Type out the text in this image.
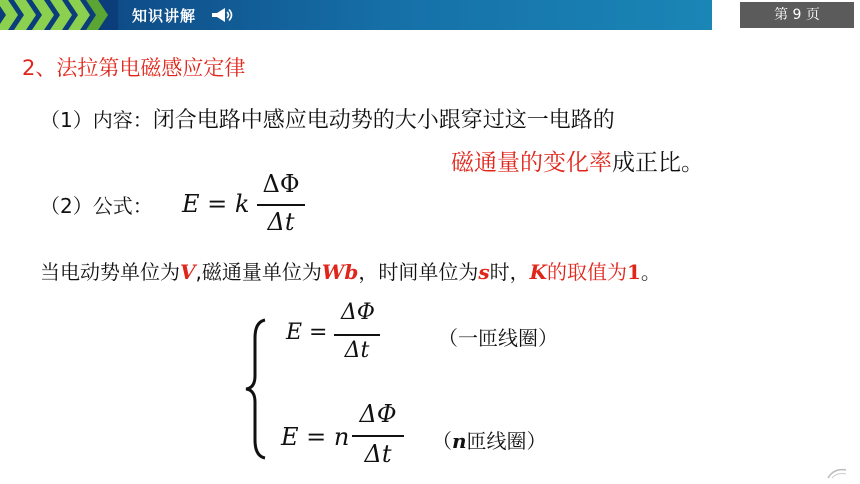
知识讲解	第 9 页
2、法拉第电磁感应定律
（1）内容：闭合电路中感应电动势的大小跟穿过这一电路的
磁通量的变化率成正比。
（2）公式： E = k
ΔΦ
Δt
当电动势单位为V,磁通量单位为Wb，时间单位为s时，K的取值为1。
E =
ΔΦ
Δt	（一匝线圈）
E = n
ΔΦ
Δt	（n匝线圈）
